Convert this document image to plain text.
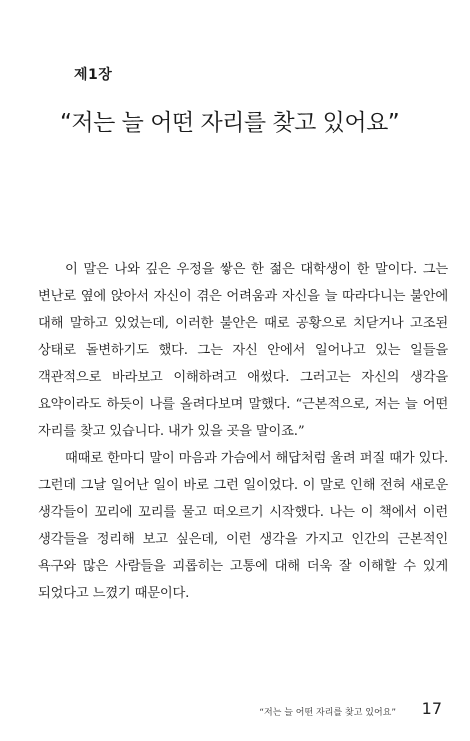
제1장
“저는 늘 어떤 자리를 찾고 있어요”

이 말은 나와 깊은 우정을 쌓은 한 젊은 대학생이 한 말이다. 그는 변난로 옆에 앉아서 자신이 겪은 어려움과 자신을 늘 따라다니는 불안에 대해 말하고 있었는데, 이러한 불안은 때로 공황으로 치닫거나 고조된 상태로 돌변하기도 했다. 그는 자신 안에서 일어나고 있는 일들을 객관적으로 바라보고 이해하려고 애썼다. 그러고는 자신의 생각을 요약이라도 하듯이 나를 올려다보며 말했다. “근본적으로, 저는 늘 어떤 자리를 찾고 있습니다. 내가 있을 곳을 말이죠.”

때때로 한마디 말이 마음과 가슴에서 해답처럼 울려 퍼질 때가 있다. 그런데 그날 일어난 일이 바로 그런 일이었다. 이 말로 인해 전혀 새로운 생각들이 꼬리에 꼬리를 물고 떠오르기 시작했다. 나는 이 책에서 이런 생각들을 정리해 보고 싶은데, 이런 생각을 가지고 인간의 근본적인 욕구와 많은 사람들을 괴롭히는 고통에 대해 더욱 잘 이해할 수 있게 되었다고 느꼈기 때문이다.

“저는 늘 어떤 자리를 찾고 있어요” 17
